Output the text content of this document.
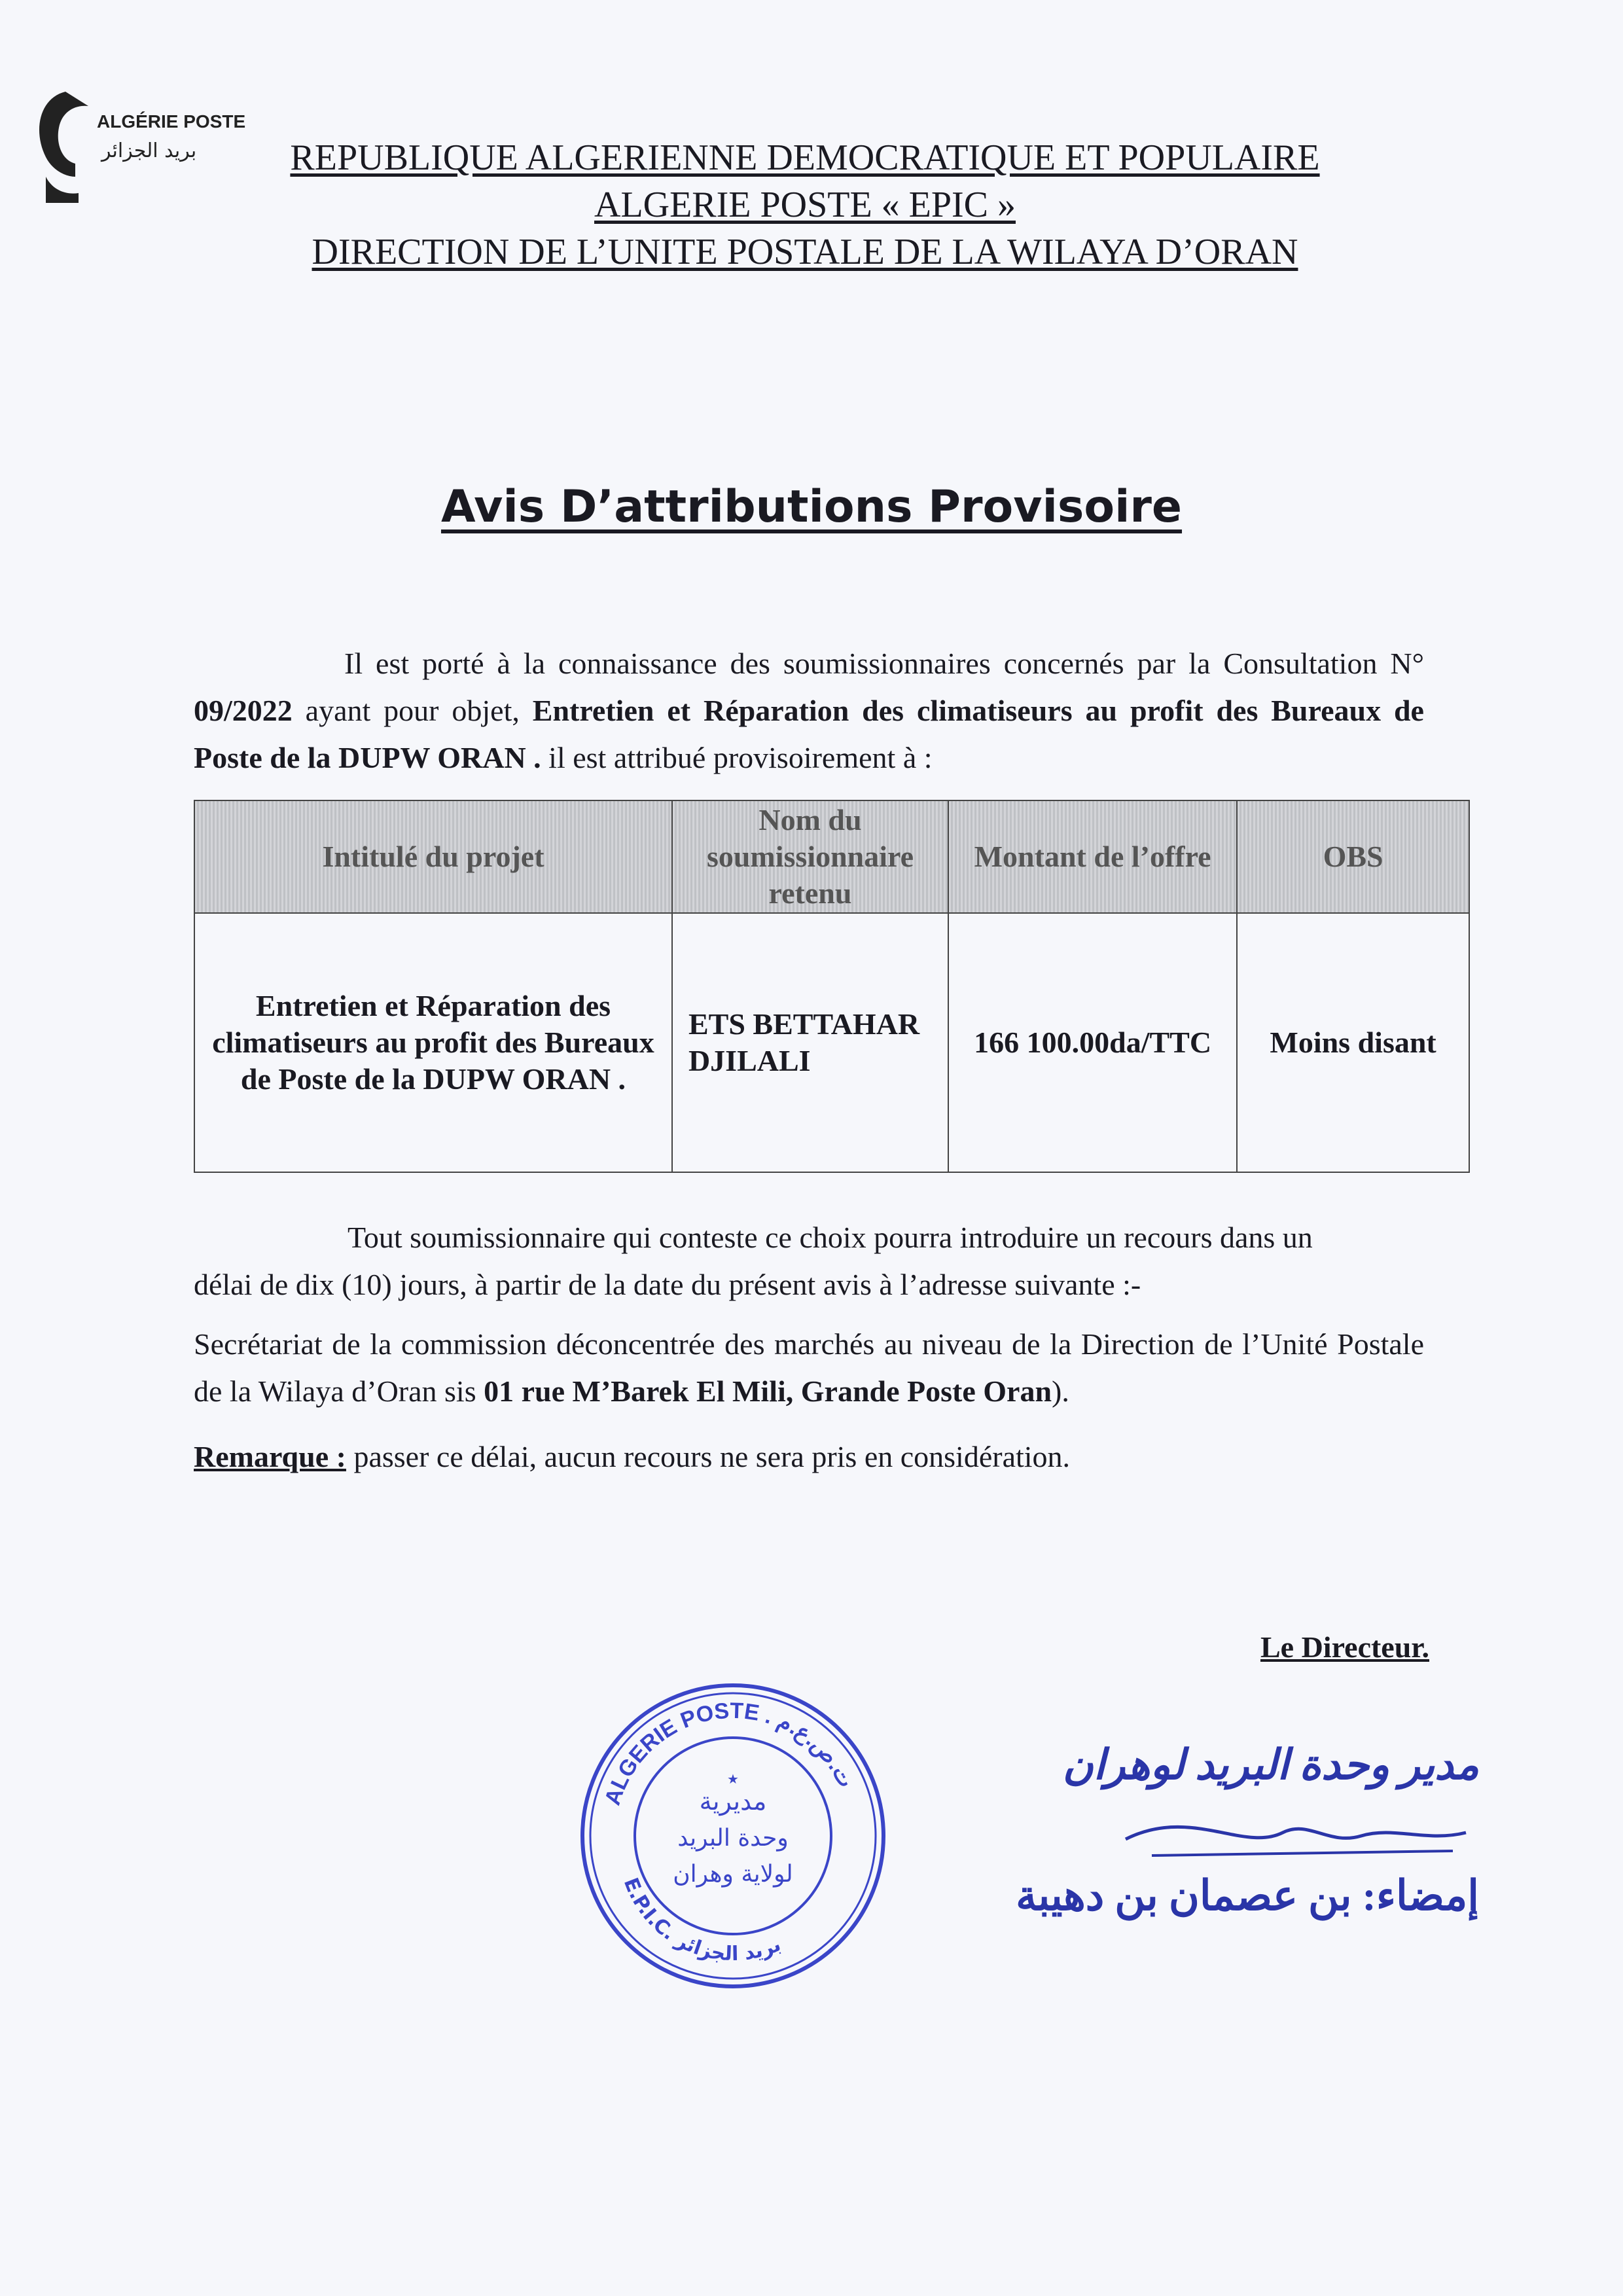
ALGÉRIE POSTE
بريد الجزائر	REPUBLIQUE ALGERIENNE DEMOCRATIQUE ET POPULAIRE
ALGERIE POSTE « EPIC »
DIRECTION DE L’UNITE POSTALE DE LA WILAYA D’ORAN
Avis D’attributions Provisoire
Il est porté à la connaissance des soumissionnaires concernés par la Consultation N° 09/2022 ayant pour objet, Entretien et Réparation des climatiseurs au profit des Bureaux de Poste de la DUPW ORAN . il est attribué provisoirement à :
Intitulé du projet	Nom du soumissionnaire retenu	Montant de l’offre	OBS
Entretien et Réparation des climatiseurs au profit des Bureaux de Poste de la DUPW ORAN .	ETS BETTAHAR DJILALI	166 100.00da/TTC	Moins disant
Tout soumissionnaire qui conteste ce choix pourra introduire un recours dans un
délai de dix (10) jours, à partir de la date du présent avis à l’adresse suivante :-
Secrétariat de la commission déconcentrée des marchés au niveau de la Direction de l’Unité Postale de la Wilaya d’Oran sis 01 rue M’Barek El Mili, Grande Poste Oran).
Remarque : passer ce délai, aucun recours ne sera pris en considération.
Le Directeur.
ALGERIE POSTE . ت.ص.ع.م
E.P.I.C. بريد الجزائر
مديرية
وحدة البريد
لولاية وهران
★	مدير وحدة البريد لوهران
إمضاء: بن عصمان بن دهيبة
